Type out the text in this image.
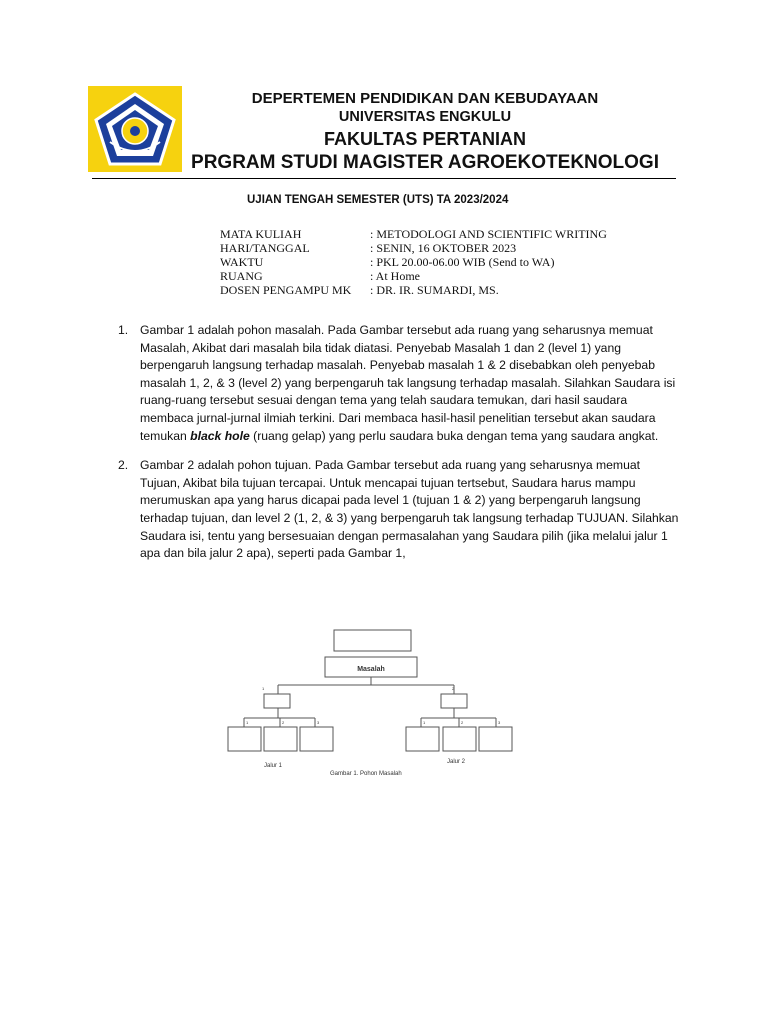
DEPERTEMEN PENDIDIKAN DAN KEBUDAYAAN
UNIVERSITAS ENGKULU
FAKULTAS PERTANIAN
PRGRAM STUDI MAGISTER AGROEKOTEKNOLOGI
UJIAN TENGAH SEMESTER (UTS) TA 2023/2024
MATA KULIAH	: METODOLOGI AND SCIENTIFIC WRITING
HARI/TANGGAL	: SENIN, 16 OKTOBER 2023
WAKTU	: PKL 20.00-06.00 WIB (Send to WA)
RUANG	: At Home
DOSEN PENGAMPU MK : DR. IR. SUMARDI, MS.
1. Gambar 1 adalah pohon masalah. Pada Gambar tersebut ada ruang yang seharusnya memuat Masalah, Akibat dari masalah bila tidak diatasi. Penyebab Masalah 1 dan 2 (level 1) yang berpengaruh langsung terhadap masalah. Penyebab masalah 1 & 2 disebabkan oleh penyebab masalah 1, 2, & 3 (level 2) yang berpengaruh tak langsung terhadap masalah. Silahkan Saudara isi ruang-ruang tersebut sesuai dengan tema yang telah saudara temukan, dari hasil saudara membaca jurnal-jurnal ilmiah terkini. Dari membaca hasil-hasil penelitian tersebut akan saudara temukan black hole (ruang gelap) yang perlu saudara buka dengan tema yang saudara angkat.
2. Gambar 2 adalah pohon tujuan. Pada Gambar tersebut ada ruang yang seharusnya memuat Tujuan, Akibat bila tujuan tercapai. Untuk mencapai tujuan tertsebut, Saudara harus mampu merumuskan apa yang harus dicapai pada level 1 (tujuan 1 & 2) yang berpengaruh langsung terhadap tujuan, dan level 2 (1, 2, & 3) yang berpengaruh tak langsung terhadap TUJUAN. Silahkan Saudara isi, tentu yang bersesuaian dengan permasalahan yang Saudara pilih (jika melalui jalur 1 apa dan bila jalur 2 apa), seperti pada Gambar 1,
Masalah
1	2
1	2	3	1	2	3
Jalur 1
Jalur 2
Gambar 1. Pohon Masalah
